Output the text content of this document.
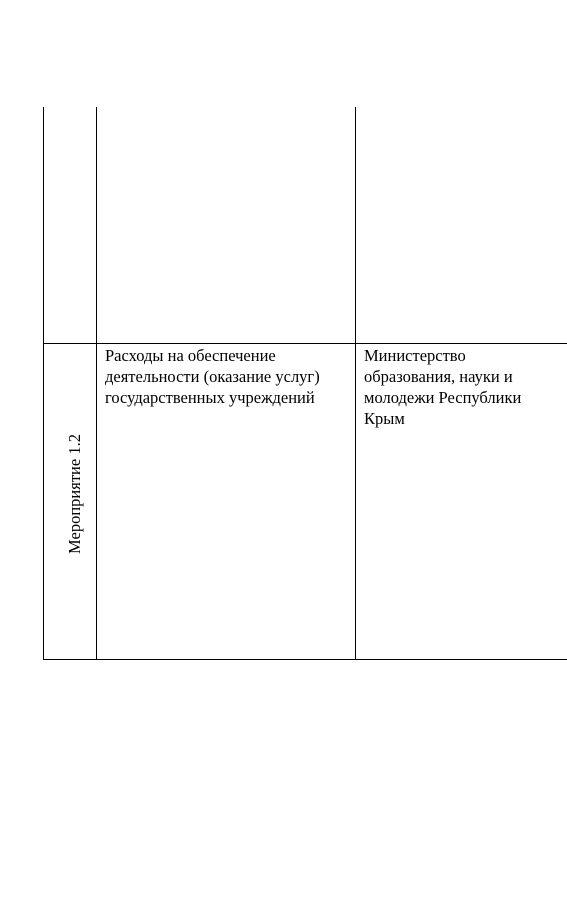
Мероприятие 1.2
Расходы на обеспечение
деятельности (оказание услуг)
государственных учреждений
Министерство
образования, науки и
молодежи Республики
Крым
